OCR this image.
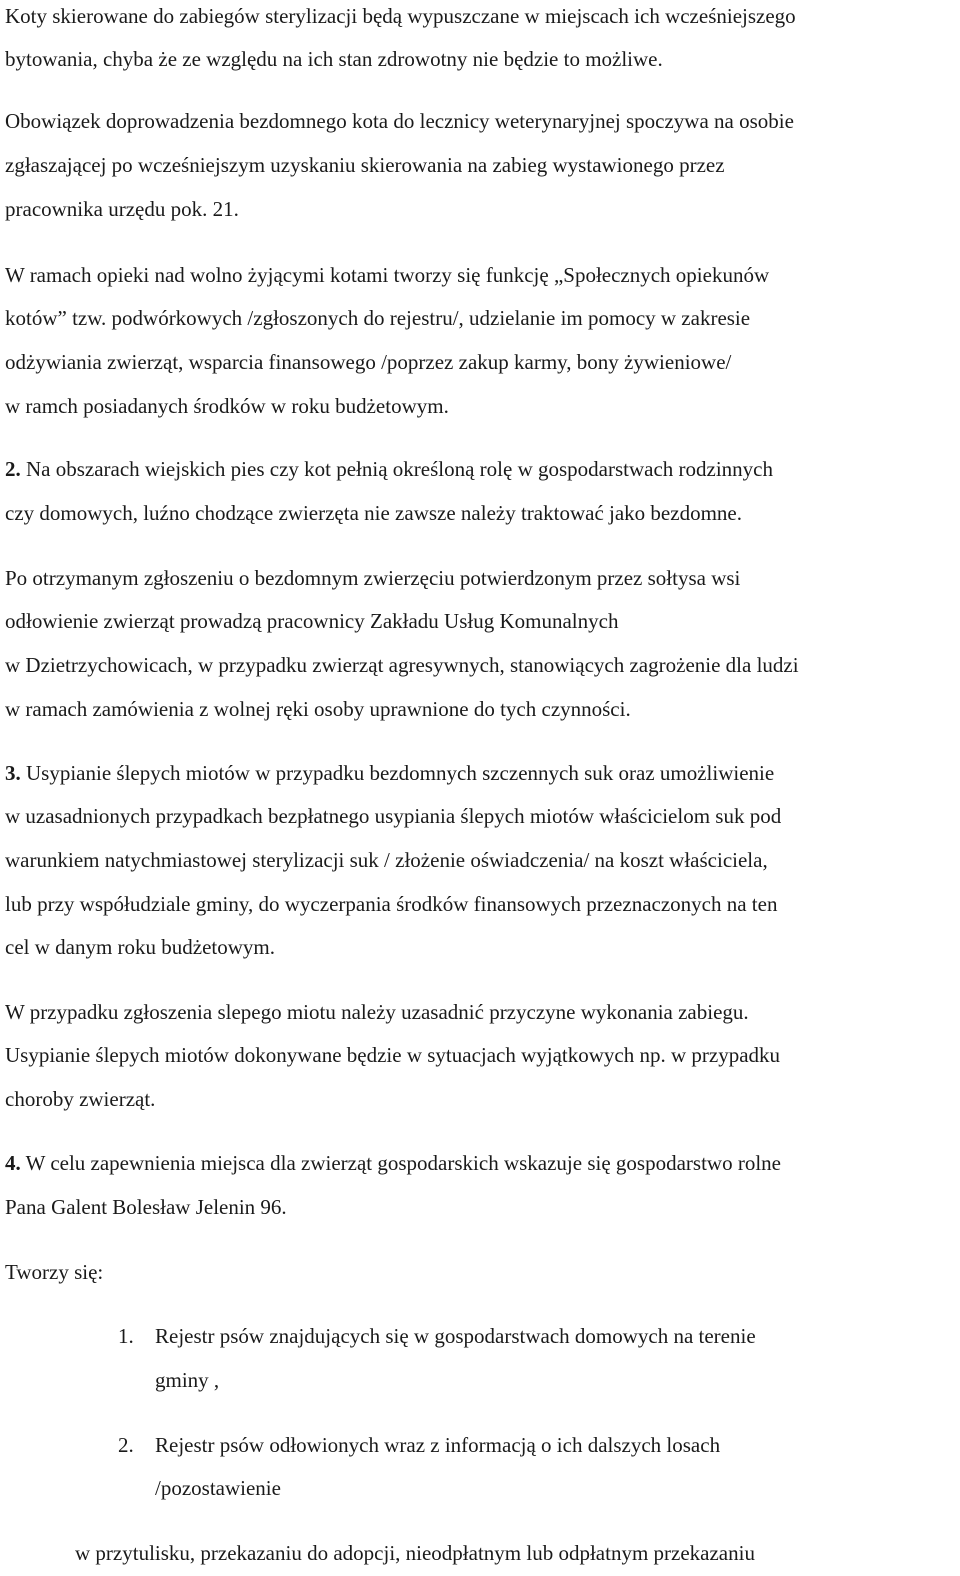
Koty skierowane do zabiegów sterylizacji będą wypuszczane w miejscach ich wcześniejszego
bytowania, chyba że ze względu na ich stan zdrowotny nie będzie to możliwe.
Obowiązek doprowadzenia bezdomnego kota do lecznicy weterynaryjnej spoczywa na osobie
zgłaszającej po wcześniejszym uzyskaniu skierowania na zabieg wystawionego przez
pracownika urzędu pok. 21.
W ramach opieki nad wolno żyjącymi kotami tworzy się funkcję „Społecznych opiekunów
kotów” tzw. podwórkowych /zgłoszonych do rejestru/, udzielanie im pomocy w zakresie
odżywiania zwierząt, wsparcia finansowego /poprzez zakup karmy, bony żywieniowe/
w ramch posiadanych środków w roku budżetowym.
2. Na obszarach wiejskich pies czy kot pełnią określoną rolę w gospodarstwach rodzinnych
czy domowych, luźno chodzące zwierzęta nie zawsze należy traktować jako bezdomne.
Po otrzymanym zgłoszeniu o bezdomnym zwierzęciu potwierdzonym przez sołtysa wsi
odłowienie zwierząt prowadzą pracownicy Zakładu Usług Komunalnych
w Dzietrzychowicach, w przypadku zwierząt agresywnych, stanowiących zagrożenie dla ludzi
w ramach zamówienia z wolnej ręki osoby uprawnione do tych czynności.
3. Usypianie ślepych miotów w przypadku bezdomnych szczennych suk oraz umożliwienie
w uzasadnionych przypadkach bezpłatnego usypiania ślepych miotów właścicielom suk pod
warunkiem natychmiastowej sterylizacji suk / złożenie oświadczenia/ na koszt właściciela,
lub przy współudziale gminy, do wyczerpania środków finansowych przeznaczonych na ten
cel w danym roku budżetowym.
W przypadku zgłoszenia slepego miotu należy uzasadnić przyczyne wykonania zabiegu.
Usypianie ślepych miotów dokonywane będzie w sytuacjach wyjątkowych np. w przypadku
choroby zwierząt.
4. W celu zapewnienia miejsca dla zwierząt gospodarskich wskazuje się gospodarstwo rolne
Pana Galent Bolesław Jelenin 96.
Tworzy się:
1. Rejestr psów znajdujących się w gospodarstwach domowych na terenie
gminy ,
2. Rejestr psów odłowionych wraz z informacją o ich dalszych losach
/pozostawienie
w przytulisku, przekazaniu do adopcji, nieodpłatnym lub odpłatnym przekazaniu
